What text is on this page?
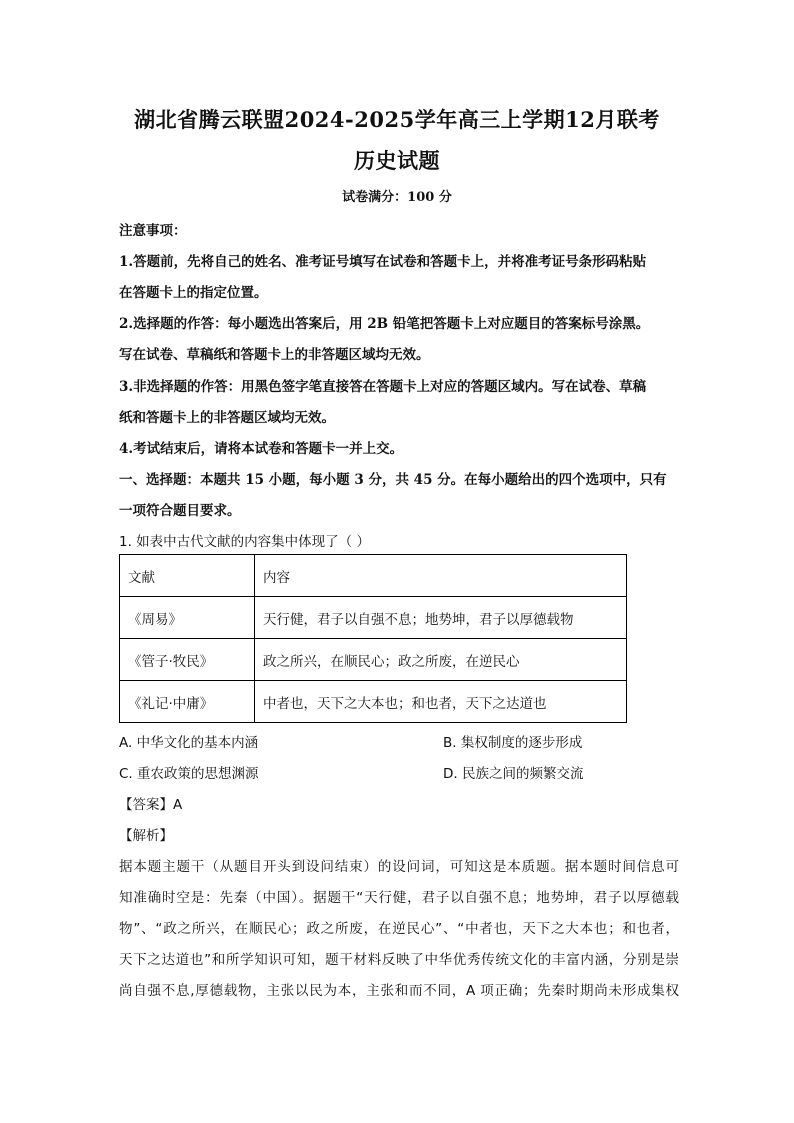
湖北省腾云联盟2024-2025学年高三上学期12月联考
历史试题
试卷满分：100 分
注意事项：
1.答题前，先将自己的姓名、准考证号填写在试卷和答题卡上，并将准考证号条形码粘贴
在答题卡上的指定位置。
2.选择题的作答：每小题选出答案后，用 2B 铅笔把答题卡上对应题目的答案标号涂黑。
写在试卷、草稿纸和答题卡上的非答题区域均无效。
3.非选择题的作答：用黑色签字笔直接答在答题卡上对应的答题区域内。写在试卷、草稿
纸和答题卡上的非答题区域均无效。
4.考试结束后，请将本试卷和答题卡一并上交。
一、选择题：本题共 15 小题，每小题 3 分，共 45 分。在每小题给出的四个选项中，只有
一项符合题目要求。
1. 如表中古代文献的内容集中体现了（ ）
文献	内容
《周易》	天行健，君子以自强不息；地势坤，君子以厚德载物
《管子·牧民》	政之所兴，在顺民心；政之所废，在逆民心
《礼记·中庸》	中者也，天下之大本也；和也者，天下之达道也
A. 中华文化的基本内涵	B. 集权制度的逐步形成
C. 重农政策的思想渊源	D. 民族之间的频繁交流
【答案】A
【解析】
据本题主题干（从题目开头到设问结束）的设问词，可知这是本质题。据本题时间信息可
知准确时空是：先秦（中国）。据题干“天行健，君子以自强不息；地势坤，君子以厚德载
物”、“政之所兴，在顺民心；政之所废，在逆民心”、“中者也，天下之大本也；和也者，
天下之达道也”和所学知识可知，题干材料反映了中华优秀传统文化的丰富内涵，分别是崇
尚自强不息,厚德载物，主张以民为本，主张和而不同，A 项正确；先秦时期尚未形成集权
